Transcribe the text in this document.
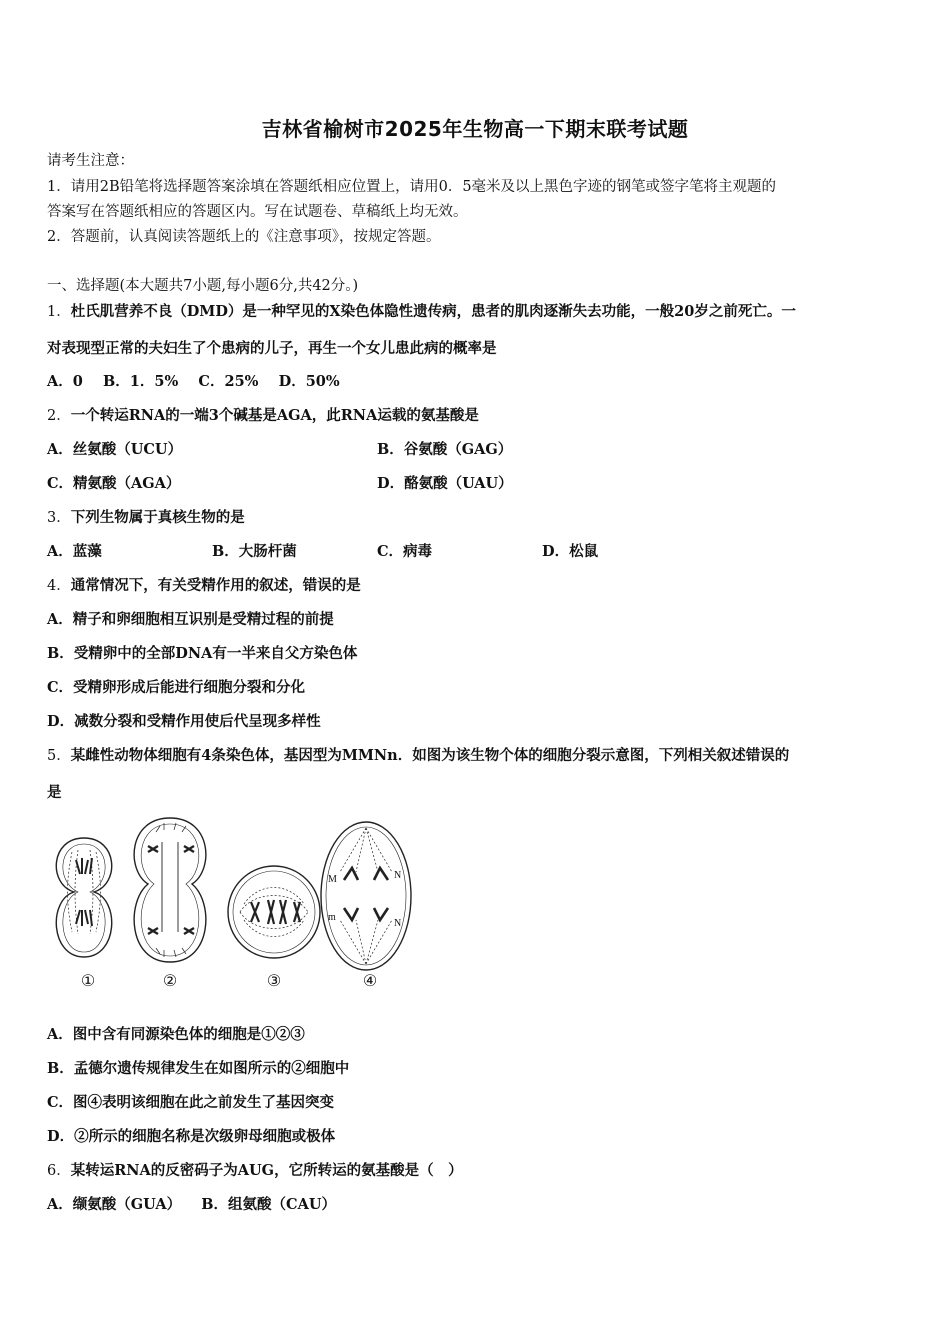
吉林省榆树市2025年生物高一下期末联考试题
请考生注意：
1．请用2B铅笔将选择题答案涂填在答题纸相应位置上，请用0．5毫米及以上黑色字迹的钢笔或签字笔将主观题的
答案写在答题纸相应的答题区内。写在试题卷、草稿纸上均无效。
2．答题前，认真阅读答题纸上的《注意事项》，按规定答题。
一、选择题(本大题共7小题,每小题6分,共42分。)
1．杜氏肌营养不良（DMD）是一种罕见的X染色体隐性遗传病，患者的肌肉逐渐失去功能，一般20岁之前死亡。一
对表现型正常的夫妇生了个患病的儿子，再生一个女儿患此病的概率是
A．0    B．1．5%    C．25%    D．50%
2．一个转运RNA的一端3个碱基是AGA，此RNA运载的氨基酸是
A．丝氨酸（UCU）	B．谷氨酸（GAG）
C．精氨酸（AGA）	D．酪氨酸（UAU）
3．下列生物属于真核生物的是
A．蓝藻	B．大肠杆菌	C．病毒	D．松鼠
4．通常情况下，有关受精作用的叙述，错误的是
A．精子和卵细胞相互识别是受精过程的前提
B．受精卵中的全部DNA有一半来自父方染色体
C．受精卵形成后能进行细胞分裂和分化
D．减数分裂和受精作用使后代呈现多样性
5．某雌性动物体细胞有4条染色体，基因型为MMNn．如图为该生物个体的细胞分裂示意图，下列相关叙述错误的
是
M	N
m
N
①	②	③	④
A．图中含有同源染色体的细胞是①②③
B．孟德尔遗传规律发生在如图所示的②细胞中
C．图④表明该细胞在此之前发生了基因突变
D．②所示的细胞名称是次级卵母细胞或极体
6．某转运RNA的反密码子为AUG，它所转运的氨基酸是（　）
A．缬氨酸（GUA）    B．组氨酸（CAU）
